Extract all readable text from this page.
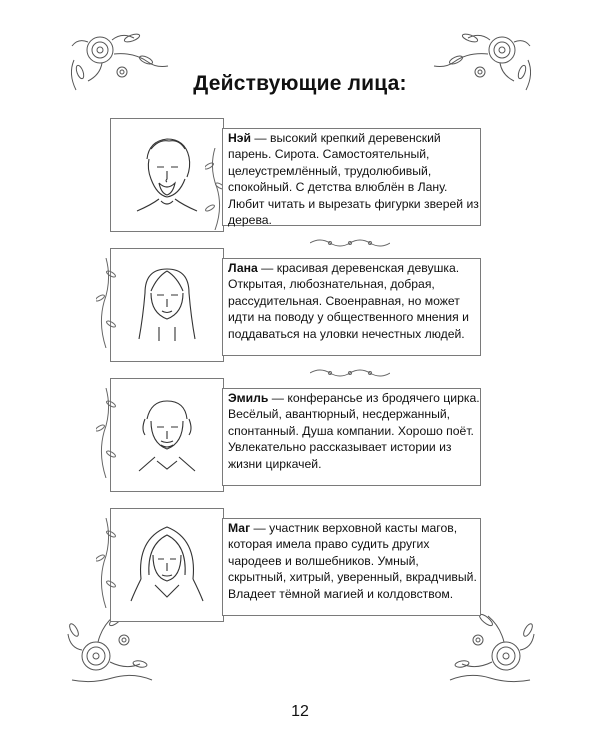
Действующие лица:

Нэй — высокий крепкий деревенский парень. Сирота. Самостоятельный, целеустремлённый, трудолюбивый, спокойный. С детства влюблён в Лану. Любит читать и вырезать фигурки зверей из дерева.

Лана — красивая деревенская девушка. Открытая, любознательная, добрая, рассудительная. Своенравная, но может идти на поводу у общественного мнения и поддаваться на уловки нечестных людей.

Эмиль — конферансье из бродячего цирка. Весёлый, авантюрный, несдержанный, спонтанный. Душа компании. Хорошо поёт. Увлекательно рассказывает истории из жизни циркачей.

Маг — участник верховной касты магов, которая имела право судить других чародеев и волшебников. Умный, скрытный, хитрый, уверенный, вкрадчивый. Владеет тёмной магией и колдовством.

12
